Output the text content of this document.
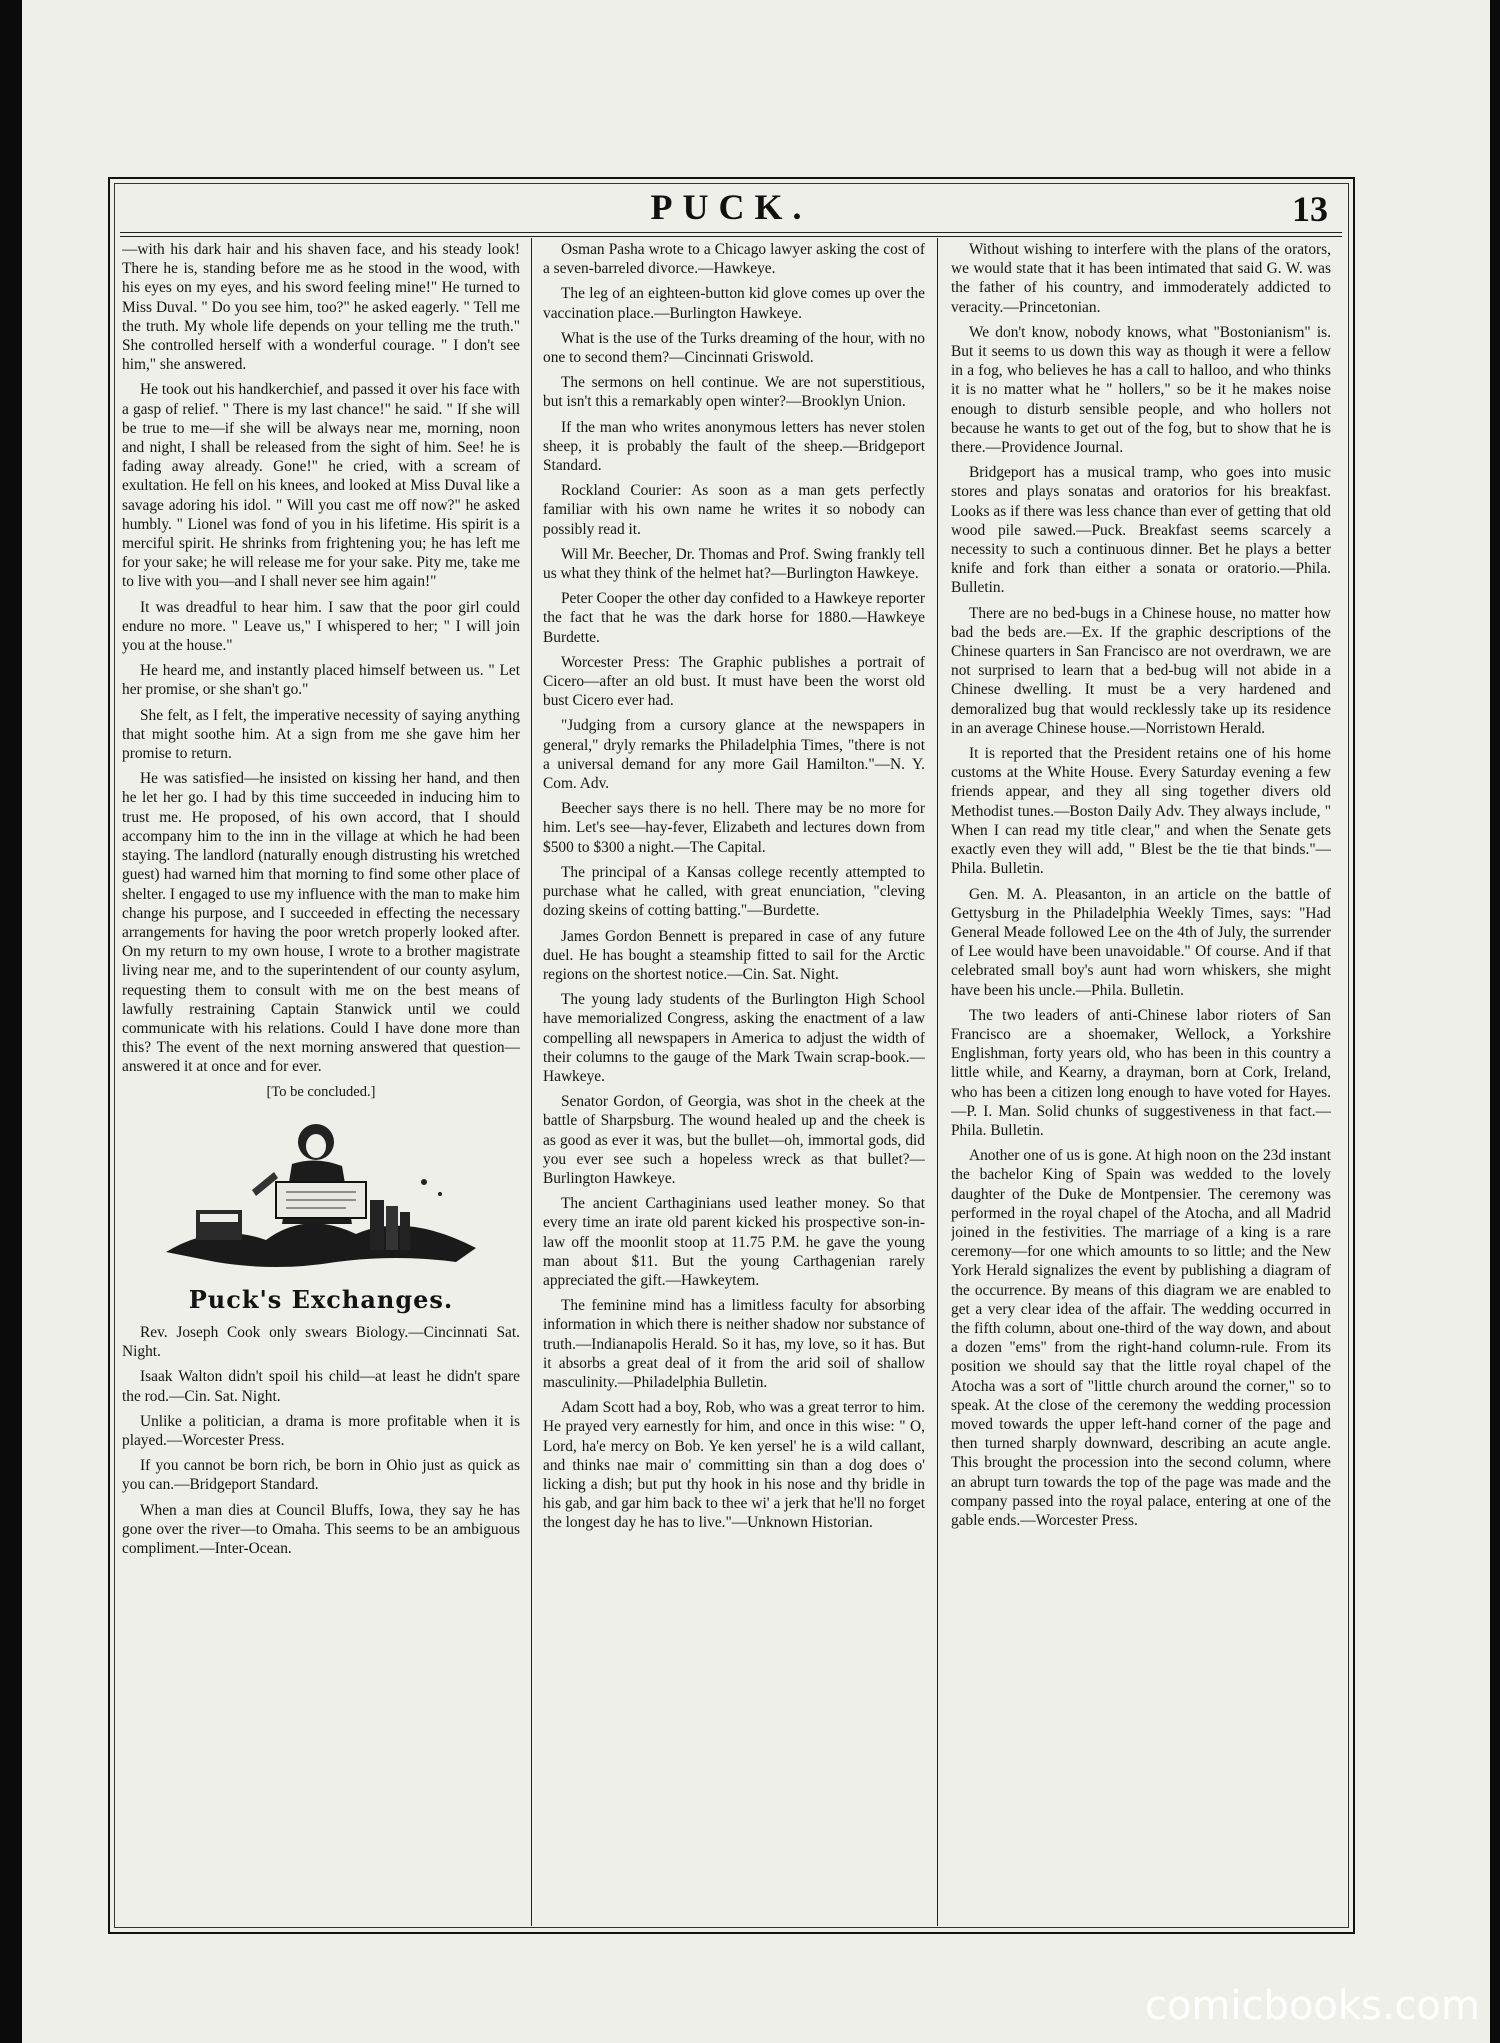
PUCK.	13

—with his dark hair and his shaven face, and his steady look! There he is, standing before me as he stood in the wood, with his eyes on my eyes, and his sword feeling mine!" He turned to Miss Duval. " Do you see him, too?" he asked eagerly. " Tell me the truth. My whole life depends on your telling me the truth." She controlled herself with a wonderful courage. " I don't see him," she answered.

He took out his handkerchief, and passed it over his face with a gasp of relief. " There is my last chance!" he said. " If she will be true to me—if she will be always near me, morning, noon and night, I shall be released from the sight of him. See! he is fading away already. Gone!" he cried, with a scream of exultation. He fell on his knees, and looked at Miss Duval like a savage adoring his idol. " Will you cast me off now?" he asked humbly. " Lionel was fond of you in his lifetime. His spirit is a merciful spirit. He shrinks from frightening you; he has left me for your sake; he will release me for your sake. Pity me, take me to live with you—and I shall never see him again!"

It was dreadful to hear him. I saw that the poor girl could endure no more. " Leave us," I whispered to her; " I will join you at the house."

He heard me, and instantly placed himself between us. " Let her promise, or she shan't go."

She felt, as I felt, the imperative necessity of saying anything that might soothe him. At a sign from me she gave him her promise to return.

He was satisfied—he insisted on kissing her hand, and then he let her go. I had by this time succeeded in inducing him to trust me. He proposed, of his own accord, that I should accompany him to the inn in the village at which he had been staying. The landlord (naturally enough distrusting his wretched guest) had warned him that morning to find some other place of shelter. I engaged to use my influence with the man to make him change his purpose, and I succeeded in effecting the necessary arrangements for having the poor wretch properly looked after. On my return to my own house, I wrote to a brother magistrate living near me, and to the superintendent of our county asylum, requesting them to consult with me on the best means of lawfully restraining Captain Stanwick until we could communicate with his relations. Could I have done more than this? The event of the next morning answered that question—answered it at once and for ever.

[To be concluded.]
Puck's Exchanges.

Rev. Joseph Cook only swears Biology.—Cincinnati Sat. Night.

Isaak Walton didn't spoil his child—at least he didn't spare the rod.—Cin. Sat. Night.

Unlike a politician, a drama is more profitable when it is played.—Worcester Press.

If you cannot be born rich, be born in Ohio just as quick as you can.—Bridgeport Standard.

When a man dies at Council Bluffs, Iowa, they say he has gone over the river—to Omaha. This seems to be an ambiguous compliment.—Inter-Ocean.

Osman Pasha wrote to a Chicago lawyer asking the cost of a seven-barreled divorce.—Hawkeye.

The leg of an eighteen-button kid glove comes up over the vaccination place.—Burlington Hawkeye.

What is the use of the Turks dreaming of the hour, with no one to second them?—Cincinnati Griswold.

The sermons on hell continue. We are not superstitious, but isn't this a remarkably open winter?—Brooklyn Union.

If the man who writes anonymous letters has never stolen sheep, it is probably the fault of the sheep.—Bridgeport Standard.

Rockland Courier: As soon as a man gets perfectly familiar with his own name he writes it so nobody can possibly read it.

Will Mr. Beecher, Dr. Thomas and Prof. Swing frankly tell us what they think of the helmet hat?—Burlington Hawkeye.

Peter Cooper the other day confided to a Hawkeye reporter the fact that he was the dark horse for 1880.—Hawkeye Burdette.

Worcester Press: The Graphic publishes a portrait of Cicero—after an old bust. It must have been the worst old bust Cicero ever had.

"Judging from a cursory glance at the newspapers in general," dryly remarks the Philadelphia Times, "there is not a universal demand for any more Gail Hamilton."—N. Y. Com. Adv.

Beecher says there is no hell. There may be no more for him. Let's see—hay-fever, Elizabeth and lectures down from $500 to $300 a night.—The Capital.

The principal of a Kansas college recently attempted to purchase what he called, with great enunciation, "cleving dozing skeins of cotting batting."—Burdette.

James Gordon Bennett is prepared in case of any future duel. He has bought a steamship fitted to sail for the Arctic regions on the shortest notice.—Cin. Sat. Night.

The young lady students of the Burlington High School have memorialized Congress, asking the enactment of a law compelling all newspapers in America to adjust the width of their columns to the gauge of the Mark Twain scrap-book.—Hawkeye.

Senator Gordon, of Georgia, was shot in the cheek at the battle of Sharpsburg. The wound healed up and the cheek is as good as ever it was, but the bullet—oh, immortal gods, did you ever see such a hopeless wreck as that bullet?—Burlington Hawkeye.

The ancient Carthaginians used leather money. So that every time an irate old parent kicked his prospective son-in-law off the moonlit stoop at 11.75 P.M. he gave the young man about $11. But the young Carthagenian rarely appreciated the gift.—Hawkeytem.

The feminine mind has a limitless faculty for absorbing information in which there is neither shadow nor substance of truth.—Indianapolis Herald. So it has, my love, so it has. But it absorbs a great deal of it from the arid soil of shallow masculinity.—Philadelphia Bulletin.

Adam Scott had a boy, Rob, who was a great terror to him. He prayed very earnestly for him, and once in this wise: " O, Lord, ha'e mercy on Bob. Ye ken yersel' he is a wild callant, and thinks nae mair o' committing sin than a dog does o' licking a dish; but put thy hook in his nose and thy bridle in his gab, and gar him back to thee wi' a jerk that he'll no forget the longest day he has to live."—Unknown Historian.

Without wishing to interfere with the plans of the orators, we would state that it has been intimated that said G. W. was the father of his country, and immoderately addicted to veracity.—Princetonian.

We don't know, nobody knows, what "Bostonianism" is. But it seems to us down this way as though it were a fellow in a fog, who believes he has a call to halloo, and who thinks it is no matter what he " hollers," so be it he makes noise enough to disturb sensible people, and who hollers not because he wants to get out of the fog, but to show that he is there.—Providence Journal.

Bridgeport has a musical tramp, who goes into music stores and plays sonatas and oratorios for his breakfast. Looks as if there was less chance than ever of getting that old wood pile sawed.—Puck. Breakfast seems scarcely a necessity to such a continuous dinner. Bet he plays a better knife and fork than either a sonata or oratorio.—Phila. Bulletin.

There are no bed-bugs in a Chinese house, no matter how bad the beds are.—Ex. If the graphic descriptions of the Chinese quarters in San Francisco are not overdrawn, we are not surprised to learn that a bed-bug will not abide in a Chinese dwelling. It must be a very hardened and demoralized bug that would recklessly take up its residence in an average Chinese house.—Norristown Herald.

It is reported that the President retains one of his home customs at the White House. Every Saturday evening a few friends appear, and they all sing together divers old Methodist tunes.—Boston Daily Adv. They always include, " When I can read my title clear," and when the Senate gets exactly even they will add, " Blest be the tie that binds."—Phila. Bulletin.

Gen. M. A. Pleasanton, in an article on the battle of Gettysburg in the Philadelphia Weekly Times, says: "Had General Meade followed Lee on the 4th of July, the surrender of Lee would have been unavoidable." Of course. And if that celebrated small boy's aunt had worn whiskers, she might have been his uncle.—Phila. Bulletin.

The two leaders of anti-Chinese labor rioters of San Francisco are a shoemaker, Wellock, a Yorkshire Englishman, forty years old, who has been in this country a little while, and Kearny, a drayman, born at Cork, Ireland, who has been a citizen long enough to have voted for Hayes.—P. I. Man. Solid chunks of suggestiveness in that fact.—Phila. Bulletin.

Another one of us is gone. At high noon on the 23d instant the bachelor King of Spain was wedded to the lovely daughter of the Duke de Montpensier. The ceremony was performed in the royal chapel of the Atocha, and all Madrid joined in the festivities. The marriage of a king is a rare ceremony—for one which amounts to so little; and the New York Herald signalizes the event by publishing a diagram of the occurrence. By means of this diagram we are enabled to get a very clear idea of the affair. The wedding occurred in the fifth column, about one-third of the way down, and about a dozen "ems" from the right-hand column-rule. From its position we should say that the little royal chapel of the Atocha was a sort of "little church around the corner," so to speak. At the close of the ceremony the wedding procession moved towards the upper left-hand corner of the page and then turned sharply downward, describing an acute angle. This brought the procession into the second column, where an abrupt turn towards the top of the page was made and the company passed into the royal palace, entering at one of the gable ends.—Worcester Press.

comicbooks.com
